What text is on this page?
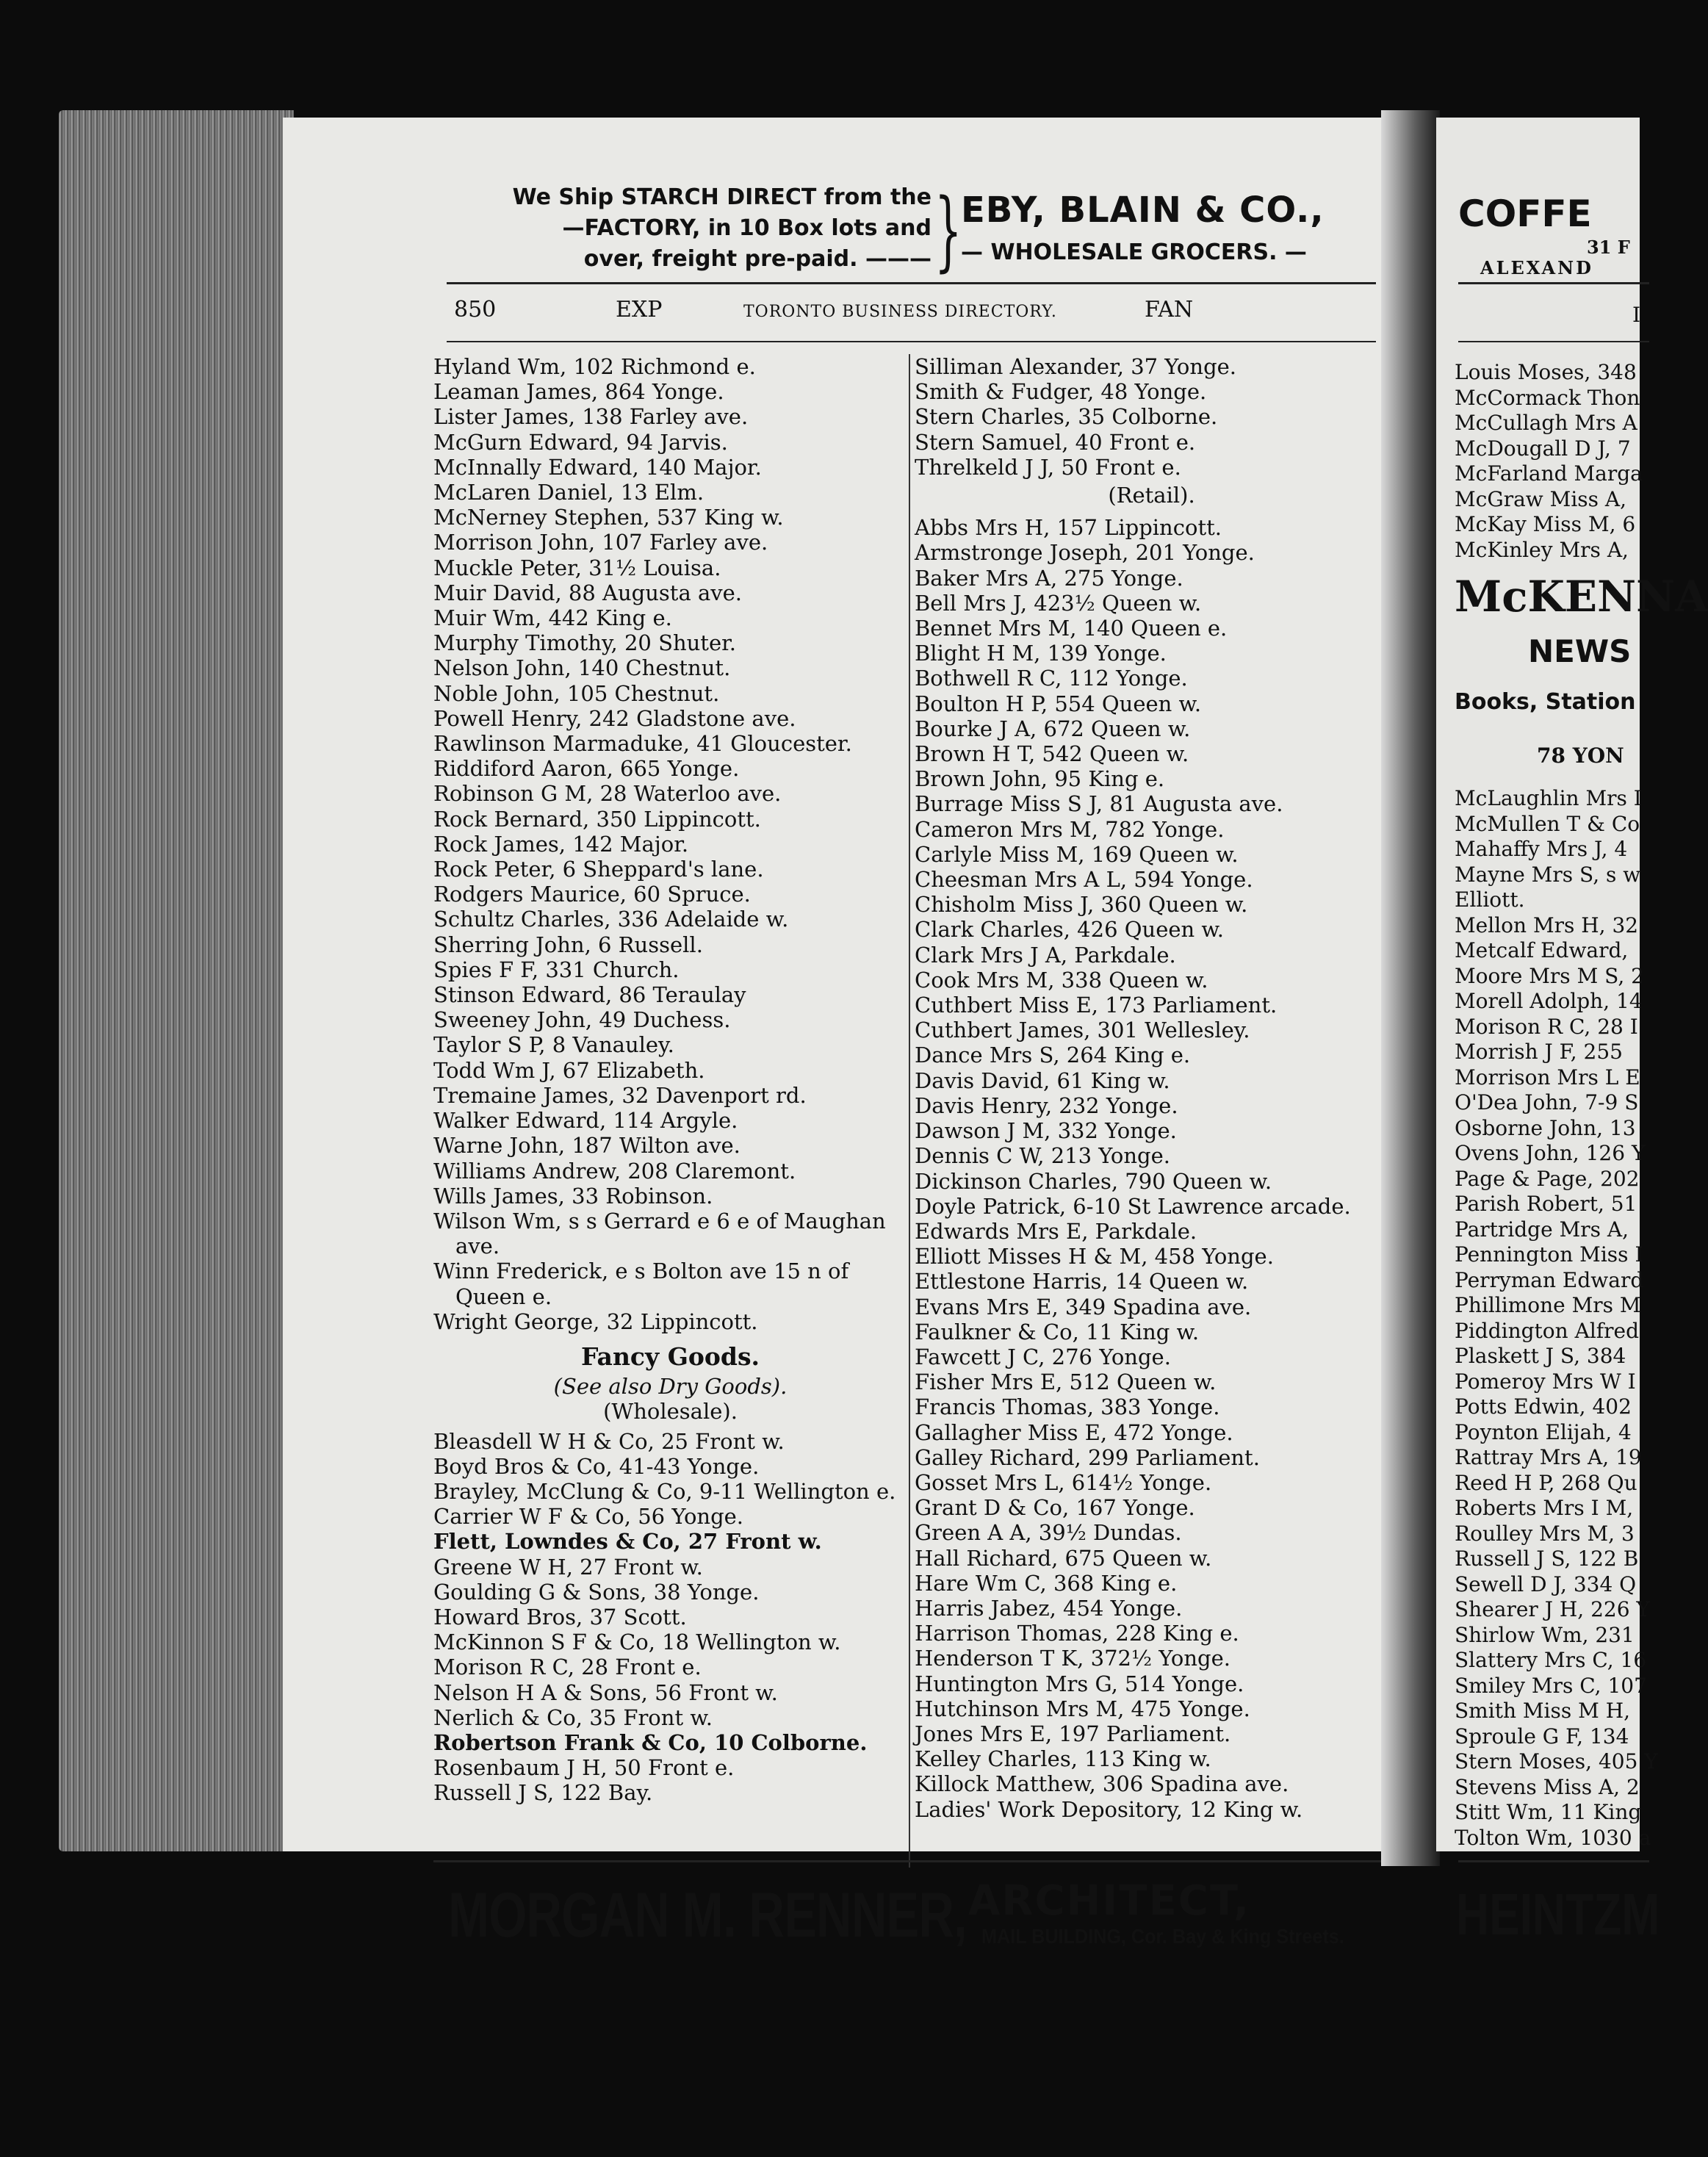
We Ship STARCH DIRECT from the
—FACTORY, in 10 Box lots and
over, freight pre-paid. ——— }
EBY, BLAIN & CO.,
— WHOLESALE GROCERS. —
850	EXP	TORONTO BUSINESS DIRECTORY.	FAN
Hyland Wm, 102 Richmond e.
Leaman James, 864 Yonge.
Lister James, 138 Farley ave.
McGurn Edward, 94 Jarvis.
McInnally Edward, 140 Major.
McLaren Daniel, 13 Elm.
McNerney Stephen, 537 King w.
Morrison John, 107 Farley ave.
Muckle Peter, 31½ Louisa.
Muir David, 88 Augusta ave.
Muir Wm, 442 King e.
Murphy Timothy, 20 Shuter.
Nelson John, 140 Chestnut.
Noble John, 105 Chestnut.
Powell Henry, 242 Gladstone ave.
Rawlinson Marmaduke, 41 Gloucester.
Riddiford Aaron, 665 Yonge.
Robinson G M, 28 Waterloo ave.
Rock Bernard, 350 Lippincott.
Rock James, 142 Major.
Rock Peter, 6 Sheppard's lane.
Rodgers Maurice, 60 Spruce.
Schultz Charles, 336 Adelaide w.
Sherring John, 6 Russell.
Spies F F, 331 Church.
Stinson Edward, 86 Teraulay
Sweeney John, 49 Duchess.
Taylor S P, 8 Vanauley.
Todd Wm J, 67 Elizabeth.
Tremaine James, 32 Davenport rd.
Walker Edward, 114 Argyle.
Warne John, 187 Wilton ave.
Williams Andrew, 208 Claremont.
Wills James, 33 Robinson.
Wilson Wm, s s Gerrard e 6 e of Maughan
ave.
Winn Frederick, e s Bolton ave 15 n of
Queen e.
Wright George, 32 Lippincott.
Fancy Goods.
(See also Dry Goods).
(Wholesale).
Bleasdell W H & Co, 25 Front w.
Boyd Bros & Co, 41-43 Yonge.
Brayley, McClung & Co, 9-11 Wellington e.
Carrier W F & Co, 56 Yonge.
Flett, Lowndes & Co, 27 Front w.
Greene W H, 27 Front w.
Goulding G & Sons, 38 Yonge.
Howard Bros, 37 Scott.
McKinnon S F & Co, 18 Wellington w.
Morison R C, 28 Front e.
Nelson H A & Sons, 56 Front w.
Nerlich & Co, 35 Front w.
Robertson Frank & Co, 10 Colborne.
Rosenbaum J H, 50 Front e.
Russell J S, 122 Bay.
Silliman Alexander, 37 Yonge.
Smith & Fudger, 48 Yonge.
Stern Charles, 35 Colborne.
Stern Samuel, 40 Front e.
Threlkeld J J, 50 Front e.
(Retail).
Abbs Mrs H, 157 Lippincott.
Armstronge Joseph, 201 Yonge.
Baker Mrs A, 275 Yonge.
Bell Mrs J, 423½ Queen w.
Bennet Mrs M, 140 Queen e.
Blight H M, 139 Yonge.
Bothwell R C, 112 Yonge.
Boulton H P, 554 Queen w.
Bourke J A, 672 Queen w.
Brown H T, 542 Queen w.
Brown John, 95 King e.
Burrage Miss S J, 81 Augusta ave.
Cameron Mrs M, 782 Yonge.
Carlyle Miss M, 169 Queen w.
Cheesman Mrs A L, 594 Yonge.
Chisholm Miss J, 360 Queen w.
Clark Charles, 426 Queen w.
Clark Mrs J A, Parkdale.
Cook Mrs M, 338 Queen w.
Cuthbert Miss E, 173 Parliament.
Cuthbert James, 301 Wellesley.
Dance Mrs S, 264 King e.
Davis David, 61 King w.
Davis Henry, 232 Yonge.
Dawson J M, 332 Yonge.
Dennis C W, 213 Yonge.
Dickinson Charles, 790 Queen w.
Doyle Patrick, 6-10 St Lawrence arcade.
Edwards Mrs E, Parkdale.
Elliott Misses H & M, 458 Yonge.
Ettlestone Harris, 14 Queen w.
Evans Mrs E, 349 Spadina ave.
Faulkner & Co, 11 King w.
Fawcett J C, 276 Yonge.
Fisher Mrs E, 512 Queen w.
Francis Thomas, 383 Yonge.
Gallagher Miss E, 472 Yonge.
Galley Richard, 299 Parliament.
Gosset Mrs L, 614½ Yonge.
Grant D & Co, 167 Yonge.
Green A A, 39½ Dundas.
Hall Richard, 675 Queen w.
Hare Wm C, 368 King e.
Harris Jabez, 454 Yonge.
Harrison Thomas, 228 King e.
Henderson T K, 372½ Yonge.
Huntington Mrs G, 514 Yonge.
Hutchinson Mrs M, 475 Yonge.
Jones Mrs E, 197 Parliament.
Kelley Charles, 113 King w.
Killock Matthew, 306 Spadina ave.
Ladies' Work Depository, 12 King w.
MORGAN M. RENNER, ARCHITECT,
MAIL BUILDING, Cor. Bay & King Streets.
COFFE
31 F
ALEXAND
I
Louis Moses, 348
McCormack Thon
McCullagh Mrs A
McDougall D J, 7
McFarland Marga
McGraw Miss A,
McKay Miss M, 6
McKinley Mrs A,
McKENNA
NEWS
Books, Station
78 YON
McLaughlin Mrs I
McMullen T & Co
Mahaffy Mrs J, 4
Mayne Mrs S, s w
Elliott.
Mellon Mrs H, 32
Metcalf Edward,
Moore Mrs M S, 2
Morell Adolph, 14
Morison R C, 28 I
Morrish J F, 255
Morrison Mrs L E
O'Dea John, 7-9 S
Osborne John, 13
Ovens John, 126 Y
Page & Page, 202
Parish Robert, 51
Partridge Mrs A,
Pennington Miss I
Perryman Edward
Phillimone Mrs M
Piddington Alfred
Plaskett J S, 384
Pomeroy Mrs W I
Potts Edwin, 402
Poynton Elijah, 4
Rattray Mrs A, 19
Reed H P, 268 Qu
Roberts Mrs I M,
Roulley Mrs M, 3
Russell J S, 122 B
Sewell D J, 334 Q
Shearer J H, 226 Y
Shirlow Wm, 231
Slattery Mrs C, 16
Smiley Mrs C, 107
Smith Miss M H,
Sproule G F, 134
Stern Moses, 405 Y
Stevens Miss A, 2
Stitt Wm, 11 King
Tolton Wm, 1030 a
HEINTZM
